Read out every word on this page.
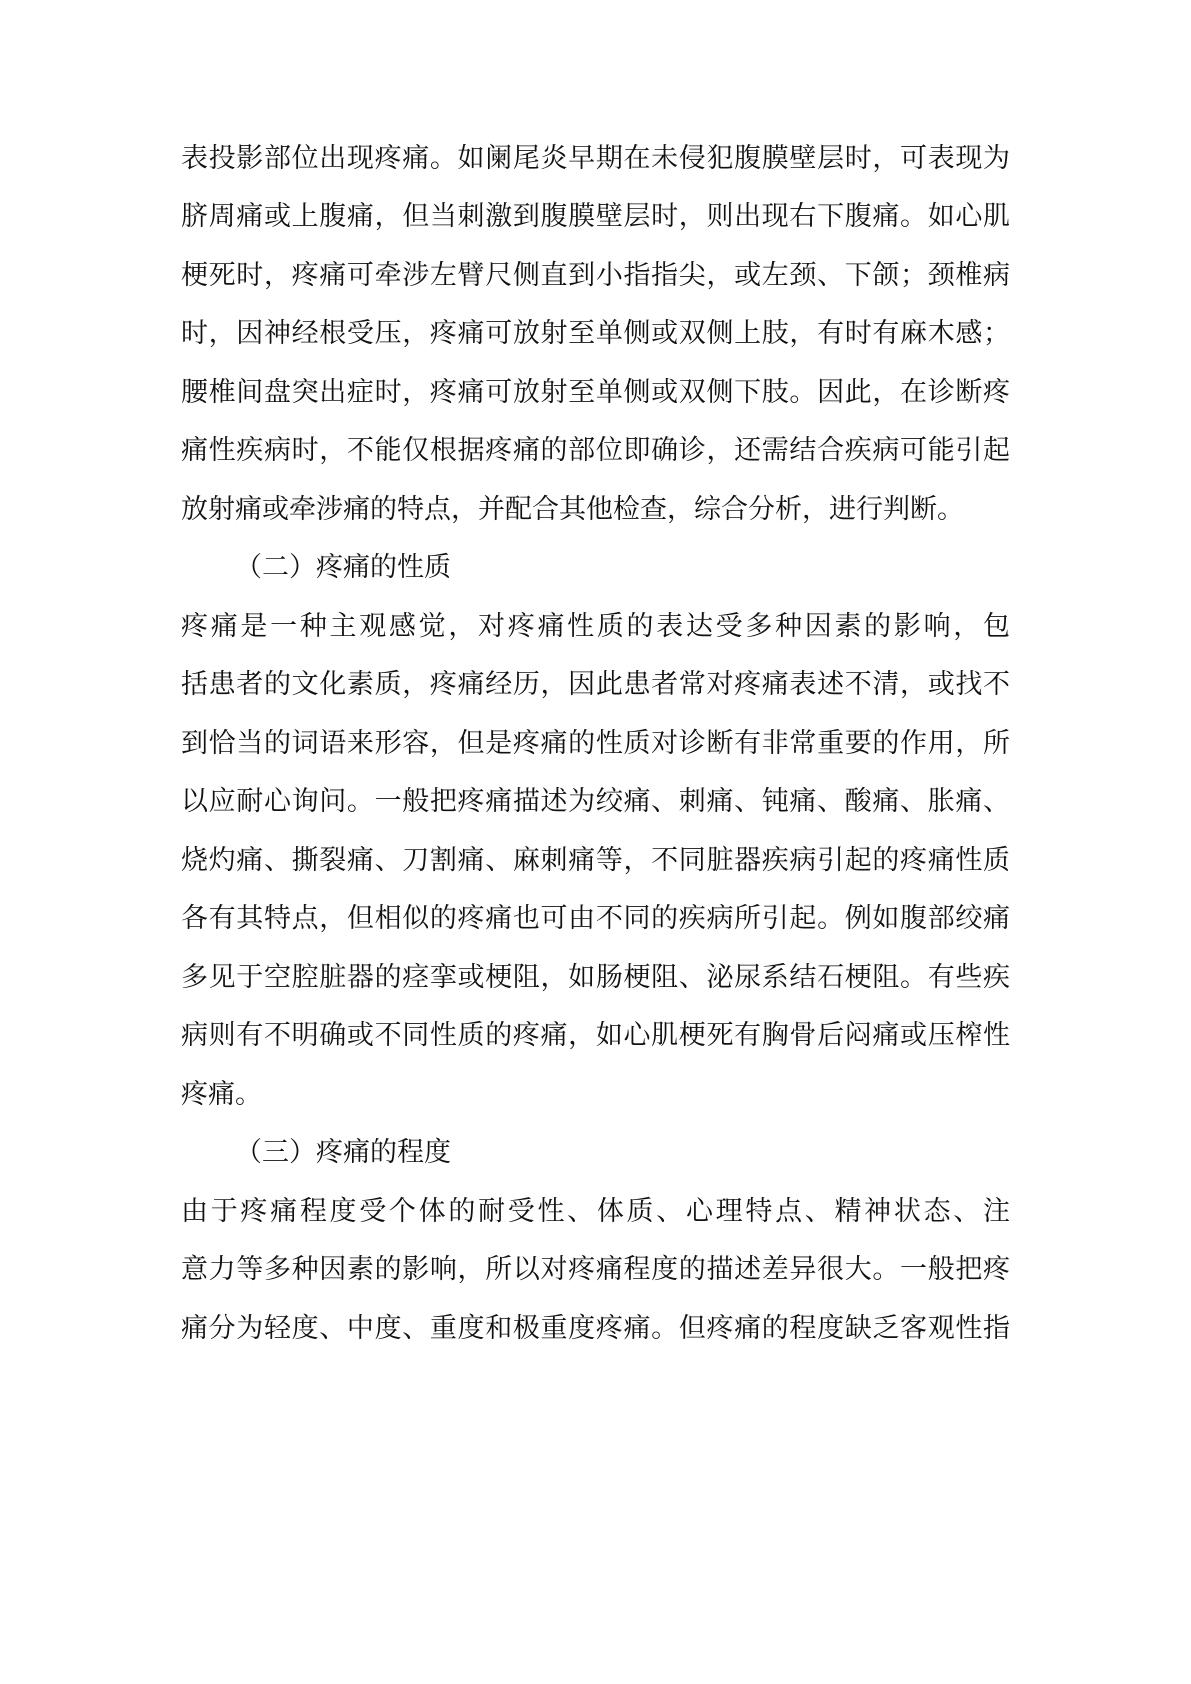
表投影部位出现疼痛。如阑尾炎早期在未侵犯腹膜壁层时，可表现为

脐周痛或上腹痛，但当刺激到腹膜壁层时，则出现右下腹痛。如心肌

梗死时，疼痛可牵涉左臂尺侧直到小指指尖，或左颈、下颌；颈椎病

时，因神经根受压，疼痛可放射至单侧或双侧上肢，有时有麻木感；

腰椎间盘突出症时，疼痛可放射至单侧或双侧下肢。因此，在诊断疼

痛性疾病时，不能仅根据疼痛的部位即确诊，还需结合疾病可能引起

放射痛或牵涉痛的特点，并配合其他检查，综合分析，进行判断。

（二）疼痛的性质

疼痛是一种主观感觉，对疼痛性质的表达受多种因素的影响，包

括患者的文化素质，疼痛经历，因此患者常对疼痛表述不清，或找不

到恰当的词语来形容，但是疼痛的性质对诊断有非常重要的作用，所

以应耐心询问。一般把疼痛描述为绞痛、刺痛、钝痛、酸痛、胀痛、

烧灼痛、撕裂痛、刀割痛、麻刺痛等，不同脏器疾病引起的疼痛性质

各有其特点，但相似的疼痛也可由不同的疾病所引起。例如腹部绞痛

多见于空腔脏器的痉挛或梗阻，如肠梗阻、泌尿系结石梗阻。有些疾

病则有不明确或不同性质的疼痛，如心肌梗死有胸骨后闷痛或压榨性

疼痛。

（三）疼痛的程度

由于疼痛程度受个体的耐受性、体质、心理特点、精神状态、注

意力等多种因素的影响，所以对疼痛程度的描述差异很大。一般把疼

痛分为轻度、中度、重度和极重度疼痛。但疼痛的程度缺乏客观性指
